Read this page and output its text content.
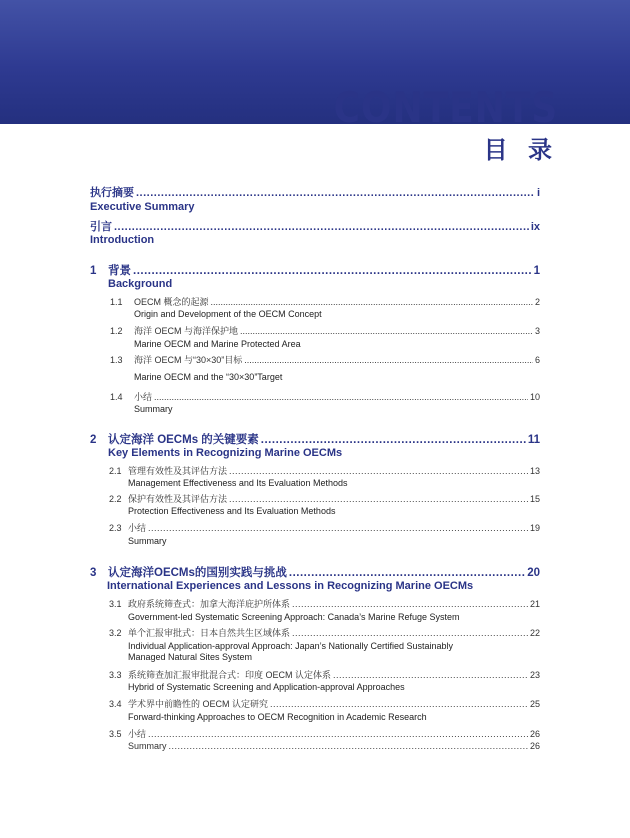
CONTENTS
目 录
执行摘要 .....	i
Executive Summary
引言 .....	ix
Introduction
1 背景 .....	1
Background
1.1 OECM 概念的起源 .....	2
Origin and Development of the OECM Concept
1.2 海洋 OECM 与海洋保护地 .....	3
Marine OECM and Marine Protected Area
1.3 海洋 OECM 与“30×30”目标 .....	6
Marine OECM and the “30×30”Target
1.4 小结 .....	10
Summary
2 认定海洋 OECMs 的关键要素 .....	11
Key Elements in Recognizing Marine OECMs
2.1 管理有效性及其评估方法 .....	13
Management Effectiveness and Its Evaluation Methods
2.2 保护有效性及其评估方法 .....	15
Protection Effectiveness and Its Evaluation Methods
2.3 小结 .....	19
Summary
3 认定海洋OECMs的国别实践与挑战 .....	20
International Experiences and Lessons in Recognizing Marine OECMs
3.1 政府系统筛查式：加拿大海洋庇护所体系 .....	21
Government-led Systematic Screening Approach: Canada’s Marine Refuge System
3.2 单个汇报审批式：日本自然共生区域体系 .....	22
Individual Application-approval Approach: Japan’s Nationally Certified Sustainably Managed Natural Sites System
3.3 系统筛查加汇报审批混合式：印度 OECM 认定体系 .....	23
Hybrid of Systematic Screening and Application-approval Approaches
3.4 学术界中前瞻性的 OECM 认定研究 .....	25
Forward-thinking Approaches to OECM Recognition in Academic Research
3.5 小结 .....	26
Summary .....	26
